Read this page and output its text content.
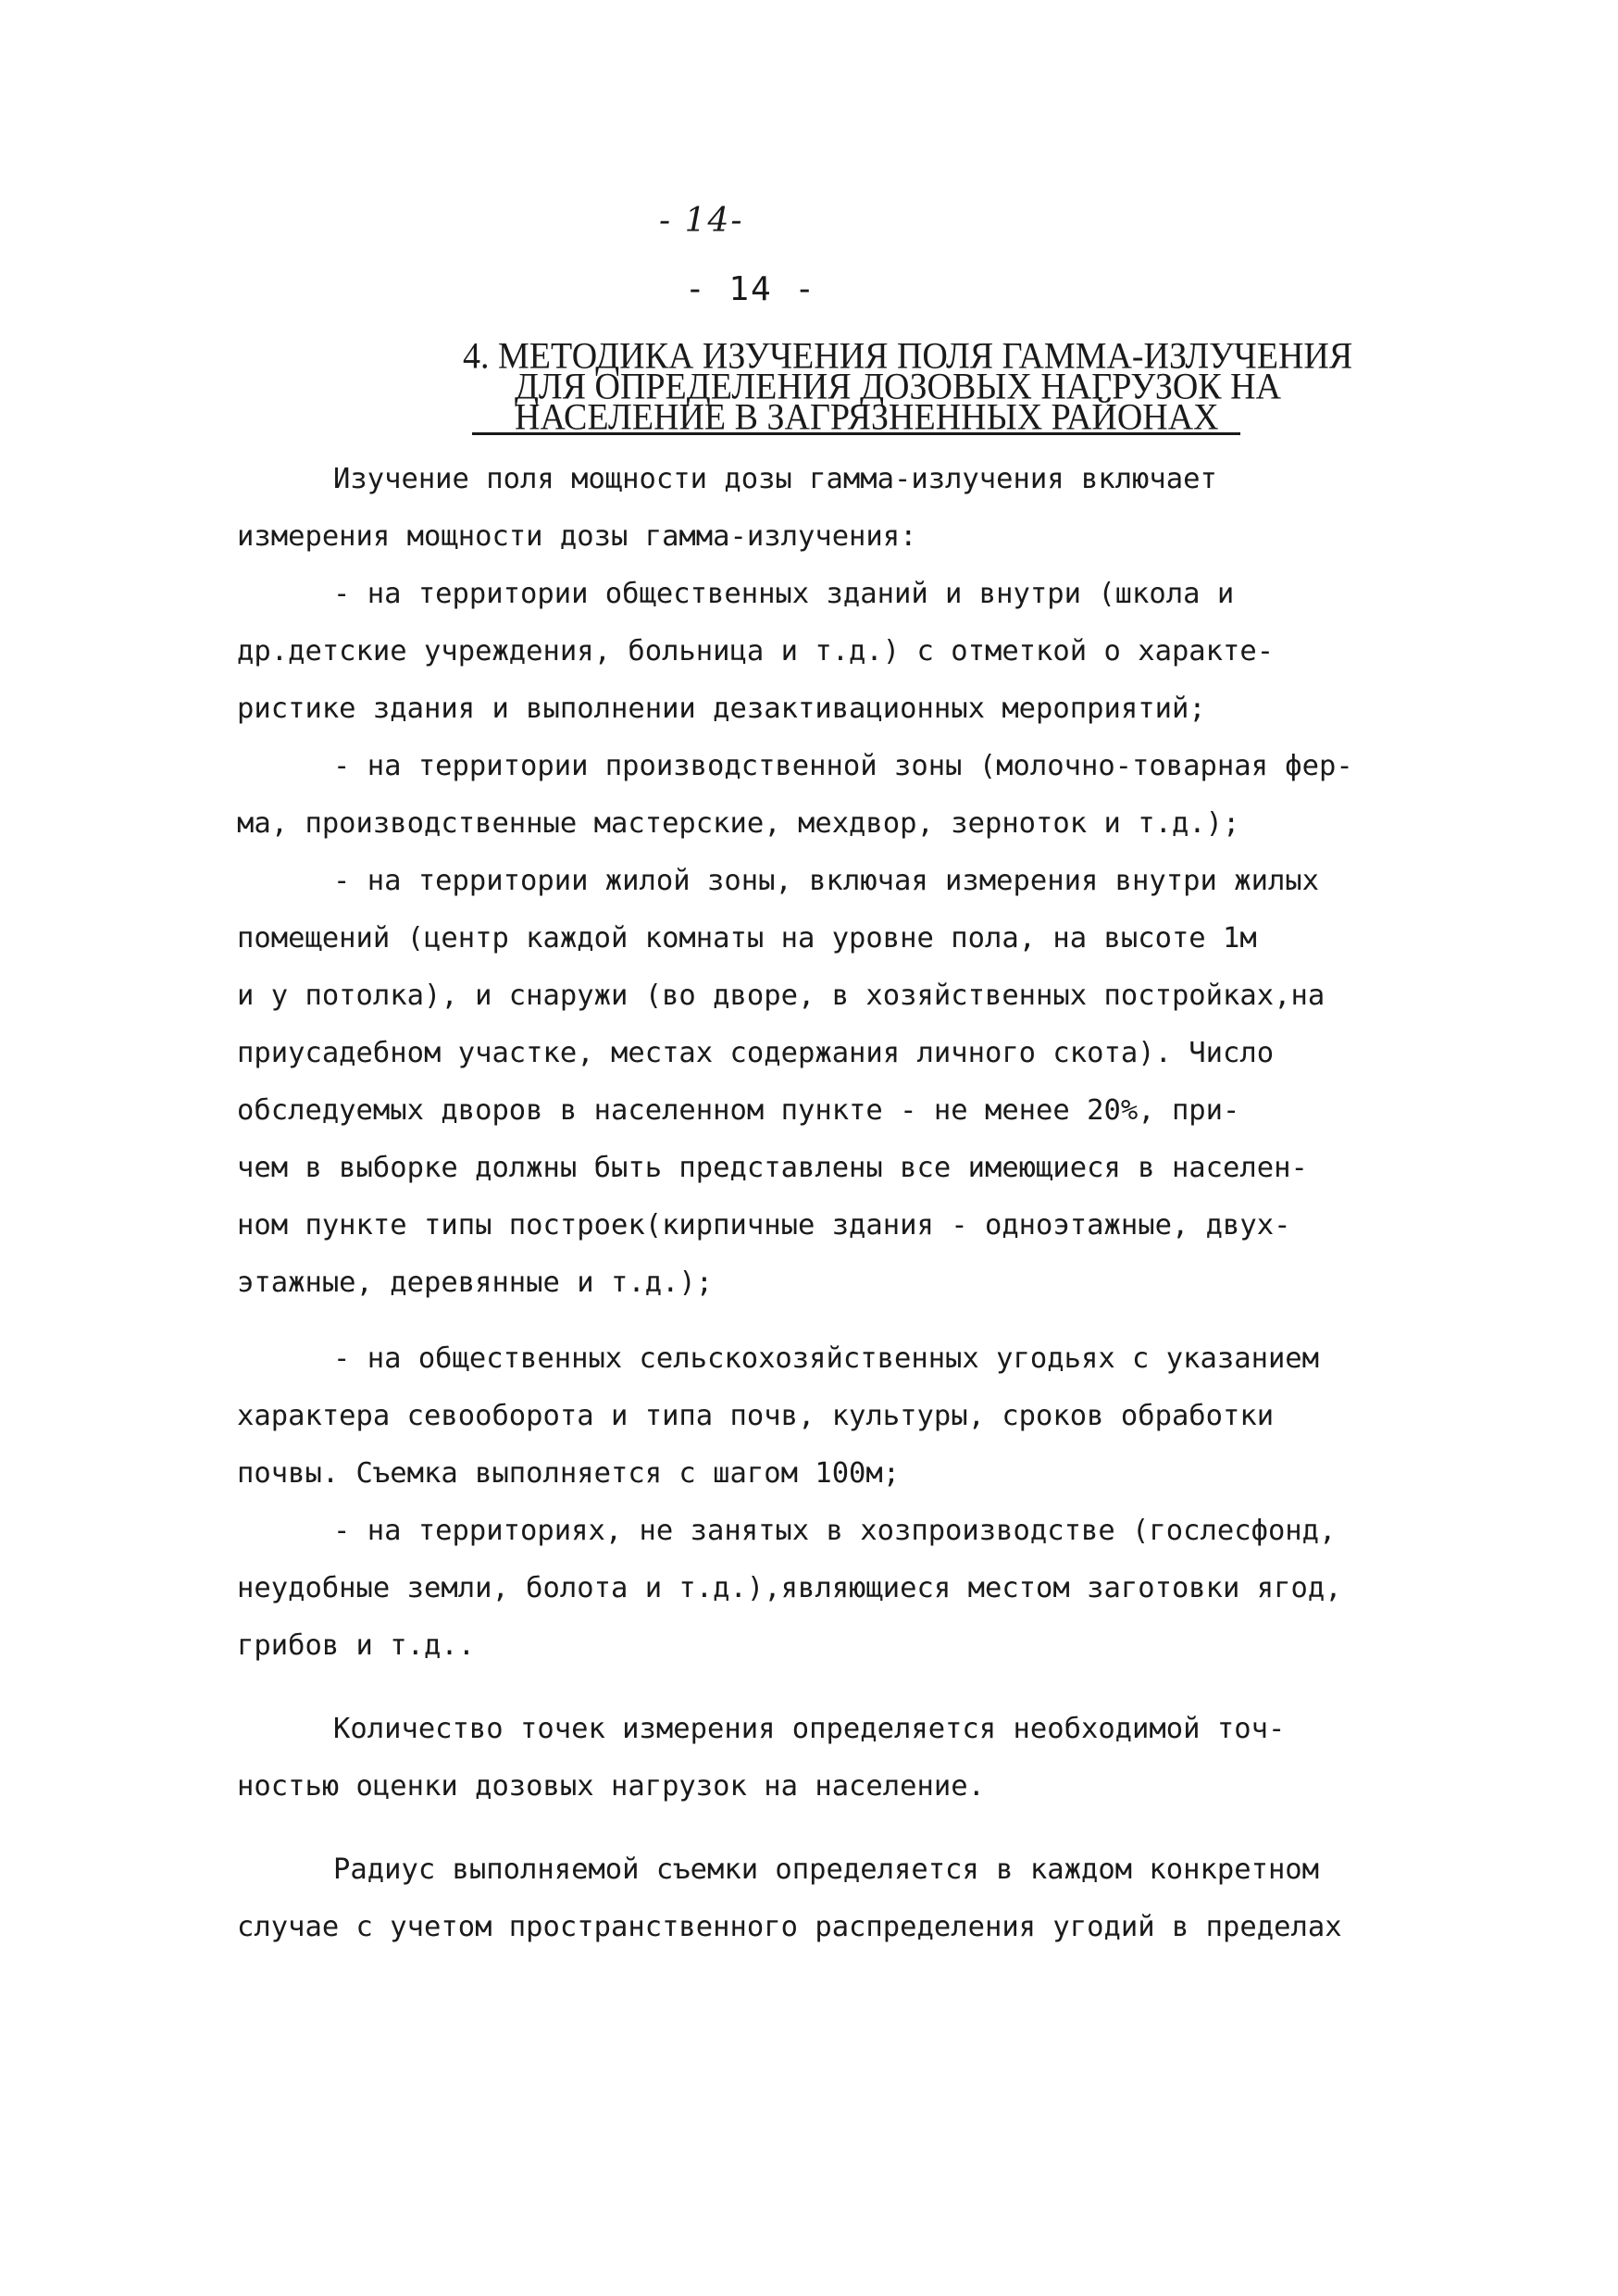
- 14-
- 14 -
4. МЕТОДИКА ИЗУЧЕНИЯ ПОЛЯ ГАММА-ИЗЛУЧЕНИЯ
ДЛЯ ОПРЕДЕЛЕНИЯ ДОЗОВЫХ НАГРУЗОК НА
НАСЕЛЕНИЕ В ЗАГРЯЗНЕННЫХ РАЙОНАХ
Изучение поля мощности дозы гамма-излучения включает
измерения мощности дозы гамма-излучения:
- на территории общественных зданий и внутри (школа и
др.детские учреждения, больница и т.д.) с отметкой о характе-
ристике здания и выполнении дезактивационных мероприятий;
- на территории производственной зоны (молочно-товарная фер-
ма, производственные мастерские, мехдвор, зерноток и т.д.);
- на территории жилой зоны, включая измерения внутри жилых
помещений (центр каждой комнаты на уровне пола, на высоте 1м
и у потолка), и снаружи (во дворе, в хозяйственных постройках,на
приусадебном участке, местах содержания личного скота). Число
обследуемых дворов в населенном пункте - не менее 20%, при-
чем в выборке должны быть представлены все имеющиеся в населен-
ном пункте типы построек(кирпичные здания - одноэтажные, двух-
этажные, деревянные и т.д.);
- на общественных сельскохозяйственных угодьях с указанием
характера севооборота и типа почв, культуры, сроков обработки
почвы. Съемка выполняется с шагом 100м;
- на территориях, не занятых в хозпроизводстве (гослесфонд,
неудобные земли, болота и т.д.),являющиеся местом заготовки ягод,
грибов и т.д..
Количество точек измерения определяется необходимой точ-
ностью оценки дозовых нагрузок на население.
Радиус выполняемой съемки определяется в каждом конкретном
случае с учетом пространственного распределения угодий в пределах
